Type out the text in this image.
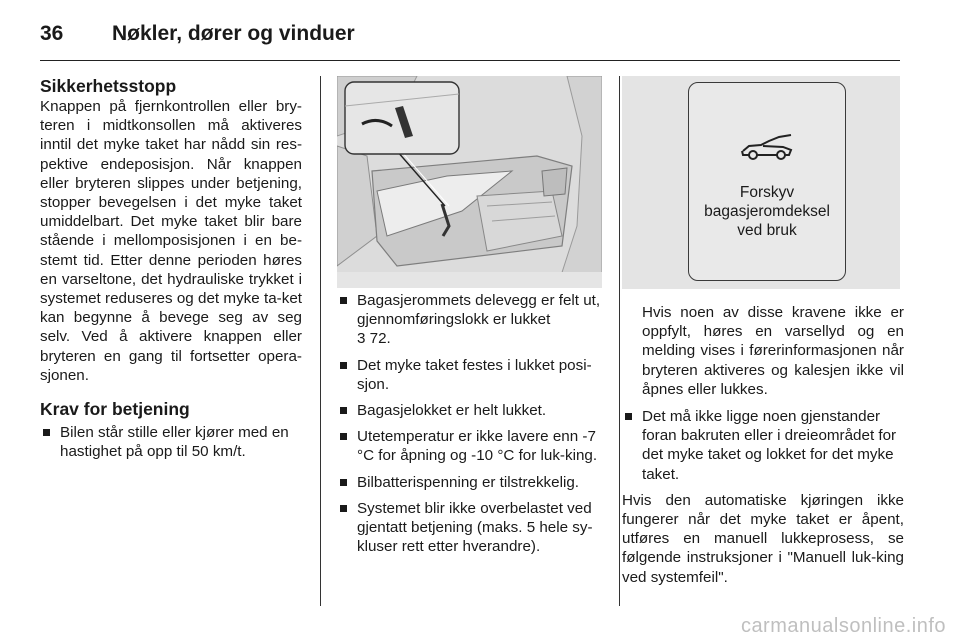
36	Nøkler, dører og vinduer
Sikkerhetsstopp

Knappen på fjernkontrollen eller bry-teren i midtkonsollen må aktiveres inntil det myke taket har nådd sin res-pektive endeposisjon. Når knappen eller bryteren slippes under betjening, stopper bevegelsen i det myke taket umiddelbart. Det myke taket blir bare stående i mellomposisjonen i en be-stemt tid. Etter denne perioden høres en varseltone, det hydrauliske trykket i systemet reduseres og det myke ta-ket kan begynne å bevege seg av seg selv. Ved å aktivere knappen eller bryteren en gang til fortsetter opera-sjonen.

Krav for betjening
Bilen står stille eller kjører med en hastighet på opp til 50 km/t.
Bagasjerommets delevegg er felt ut, gjennomføringslokk er lukket
3 72.
Det myke taket festes i lukket posi-sjon.
Bagasjelokket er helt lukket.
Utetemperatur er ikke lavere enn -7 °C for åpning og -10 °C for luk-king.
Bilbatterispenning er tilstrekkelig.
Systemet blir ikke overbelastet ved gjentatt betjening (maks. 5 hele sy-kluser rett etter hverandre).
Forskyv
bagasjeromdeksel
ved bruk

Hvis noen av disse kravene ikke er oppfylt, høres en varsellyd og en melding vises i førerinformasjonen når bryteren aktiveres og kalesjen ikke vil åpnes eller lukkes.

Det må ikke ligge noen gjenstander foran bakruten eller i dreieområdet for det myke taket og lokket for det myke taket.

Hvis den automatiske kjøringen ikke fungerer når det myke taket er åpent, utføres en manuell lukkeprosess, se følgende instruksjoner i "Manuell luk-king ved systemfeil".

carmanualsonline.info
